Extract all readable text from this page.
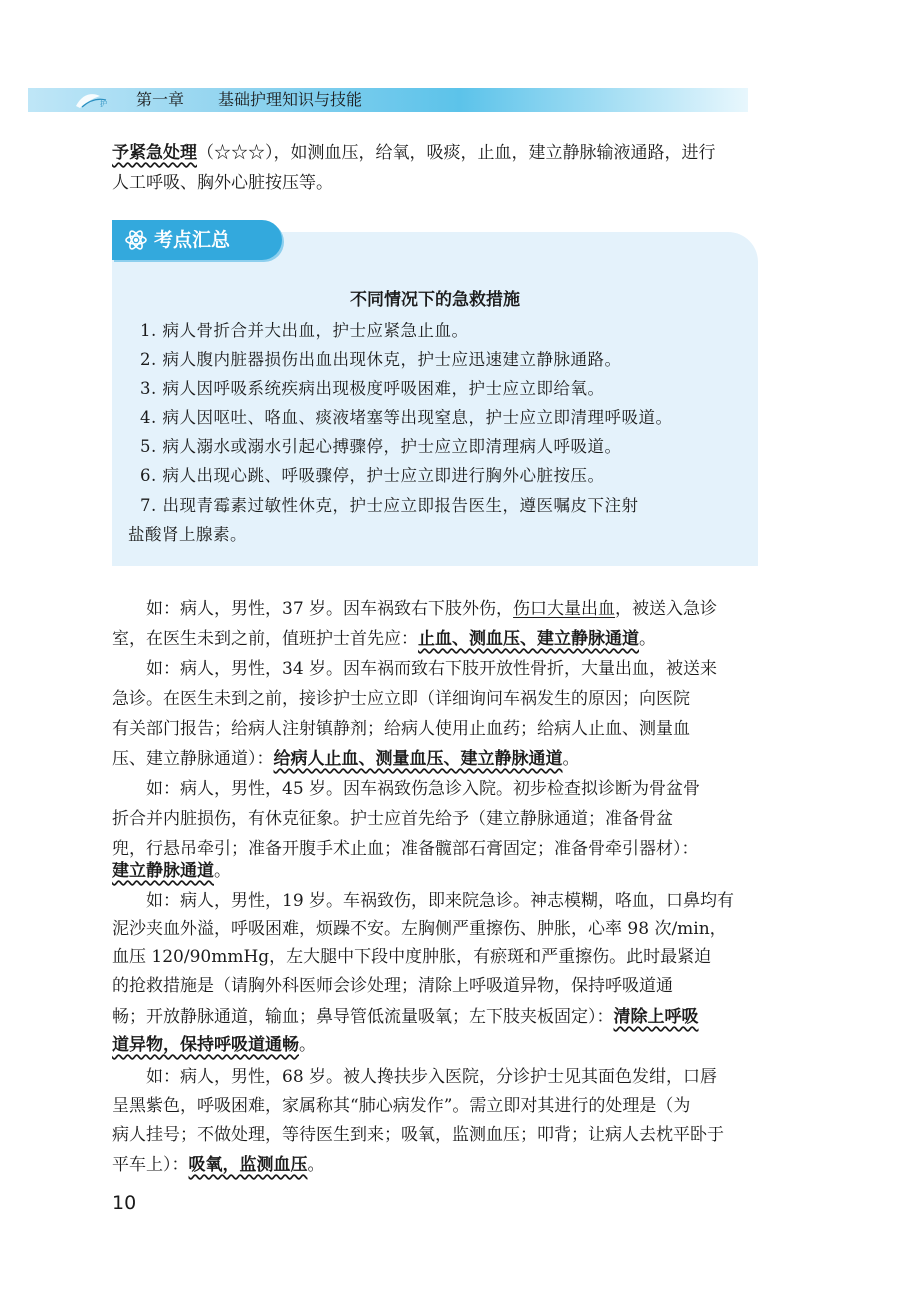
护 第一章 基础护理知识与技能
予紧急处理（☆☆☆），如测血压，给氧，吸痰，止血，建立静脉输液通路，进行
人工呼吸、胸外心脏按压等。
考点汇总
不同情况下的急救措施
1. 病人骨折合并大出血，护士应紧急止血。
2. 病人腹内脏器损伤出血出现休克，护士应迅速建立静脉通路。
3. 病人因呼吸系统疾病出现极度呼吸困难，护士应立即给氧。
4. 病人因呕吐、咯血、痰液堵塞等出现窒息，护士应立即清理呼吸道。
5. 病人溺水或溺水引起心搏骤停，护士应立即清理病人呼吸道。
6. 病人出现心跳、呼吸骤停，护士应立即进行胸外心脏按压。
7. 出现青霉素过敏性休克，护士应立即报告医生，遵医嘱皮下注射
盐酸肾上腺素。
如：病人，男性，37 岁。因车祸致右下肢外伤，伤口大量出血，被送入急诊
室，在医生未到之前，值班护士首先应：止血、测血压、建立静脉通道。
如：病人，男性，34 岁。因车祸而致右下肢开放性骨折，大量出血，被送来
急诊。在医生未到之前，接诊护士应立即（详细询问车祸发生的原因；向医院
有关部门报告；给病人注射镇静剂；给病人使用止血药；给病人止血、测量血
压、建立静脉通道）：给病人止血、测量血压、建立静脉通道。
如：病人，男性，45 岁。因车祸致伤急诊入院。初步检查拟诊断为骨盆骨
折合并内脏损伤，有休克征象。护士应首先给予（建立静脉通道；准备骨盆
兜，行悬吊牵引；准备开腹手术止血；准备髋部石膏固定；准备骨牵引器材）：
建立静脉通道。
如：病人，男性，19 岁。车祸致伤，即来院急诊。神志模糊，咯血，口鼻均有
泥沙夹血外溢，呼吸困难，烦躁不安。左胸侧严重擦伤、肿胀，心率 98 次/min，
血压 120/90mmHg，左大腿中下段中度肿胀，有瘀斑和严重擦伤。此时最紧迫
的抢救措施是（请胸外科医师会诊处理；清除上呼吸道异物，保持呼吸道通
畅；开放静脉通道，输血；鼻导管低流量吸氧；左下肢夹板固定）：清除上呼吸
道异物，保持呼吸道通畅。
如：病人，男性，68 岁。被人搀扶步入医院，分诊护士见其面色发绀，口唇
呈黑紫色，呼吸困难，家属称其“肺心病发作”。需立即对其进行的处理是（为
病人挂号；不做处理，等待医生到来；吸氧，监测血压；叩背；让病人去枕平卧于
平车上）：吸氧，监测血压。
10
